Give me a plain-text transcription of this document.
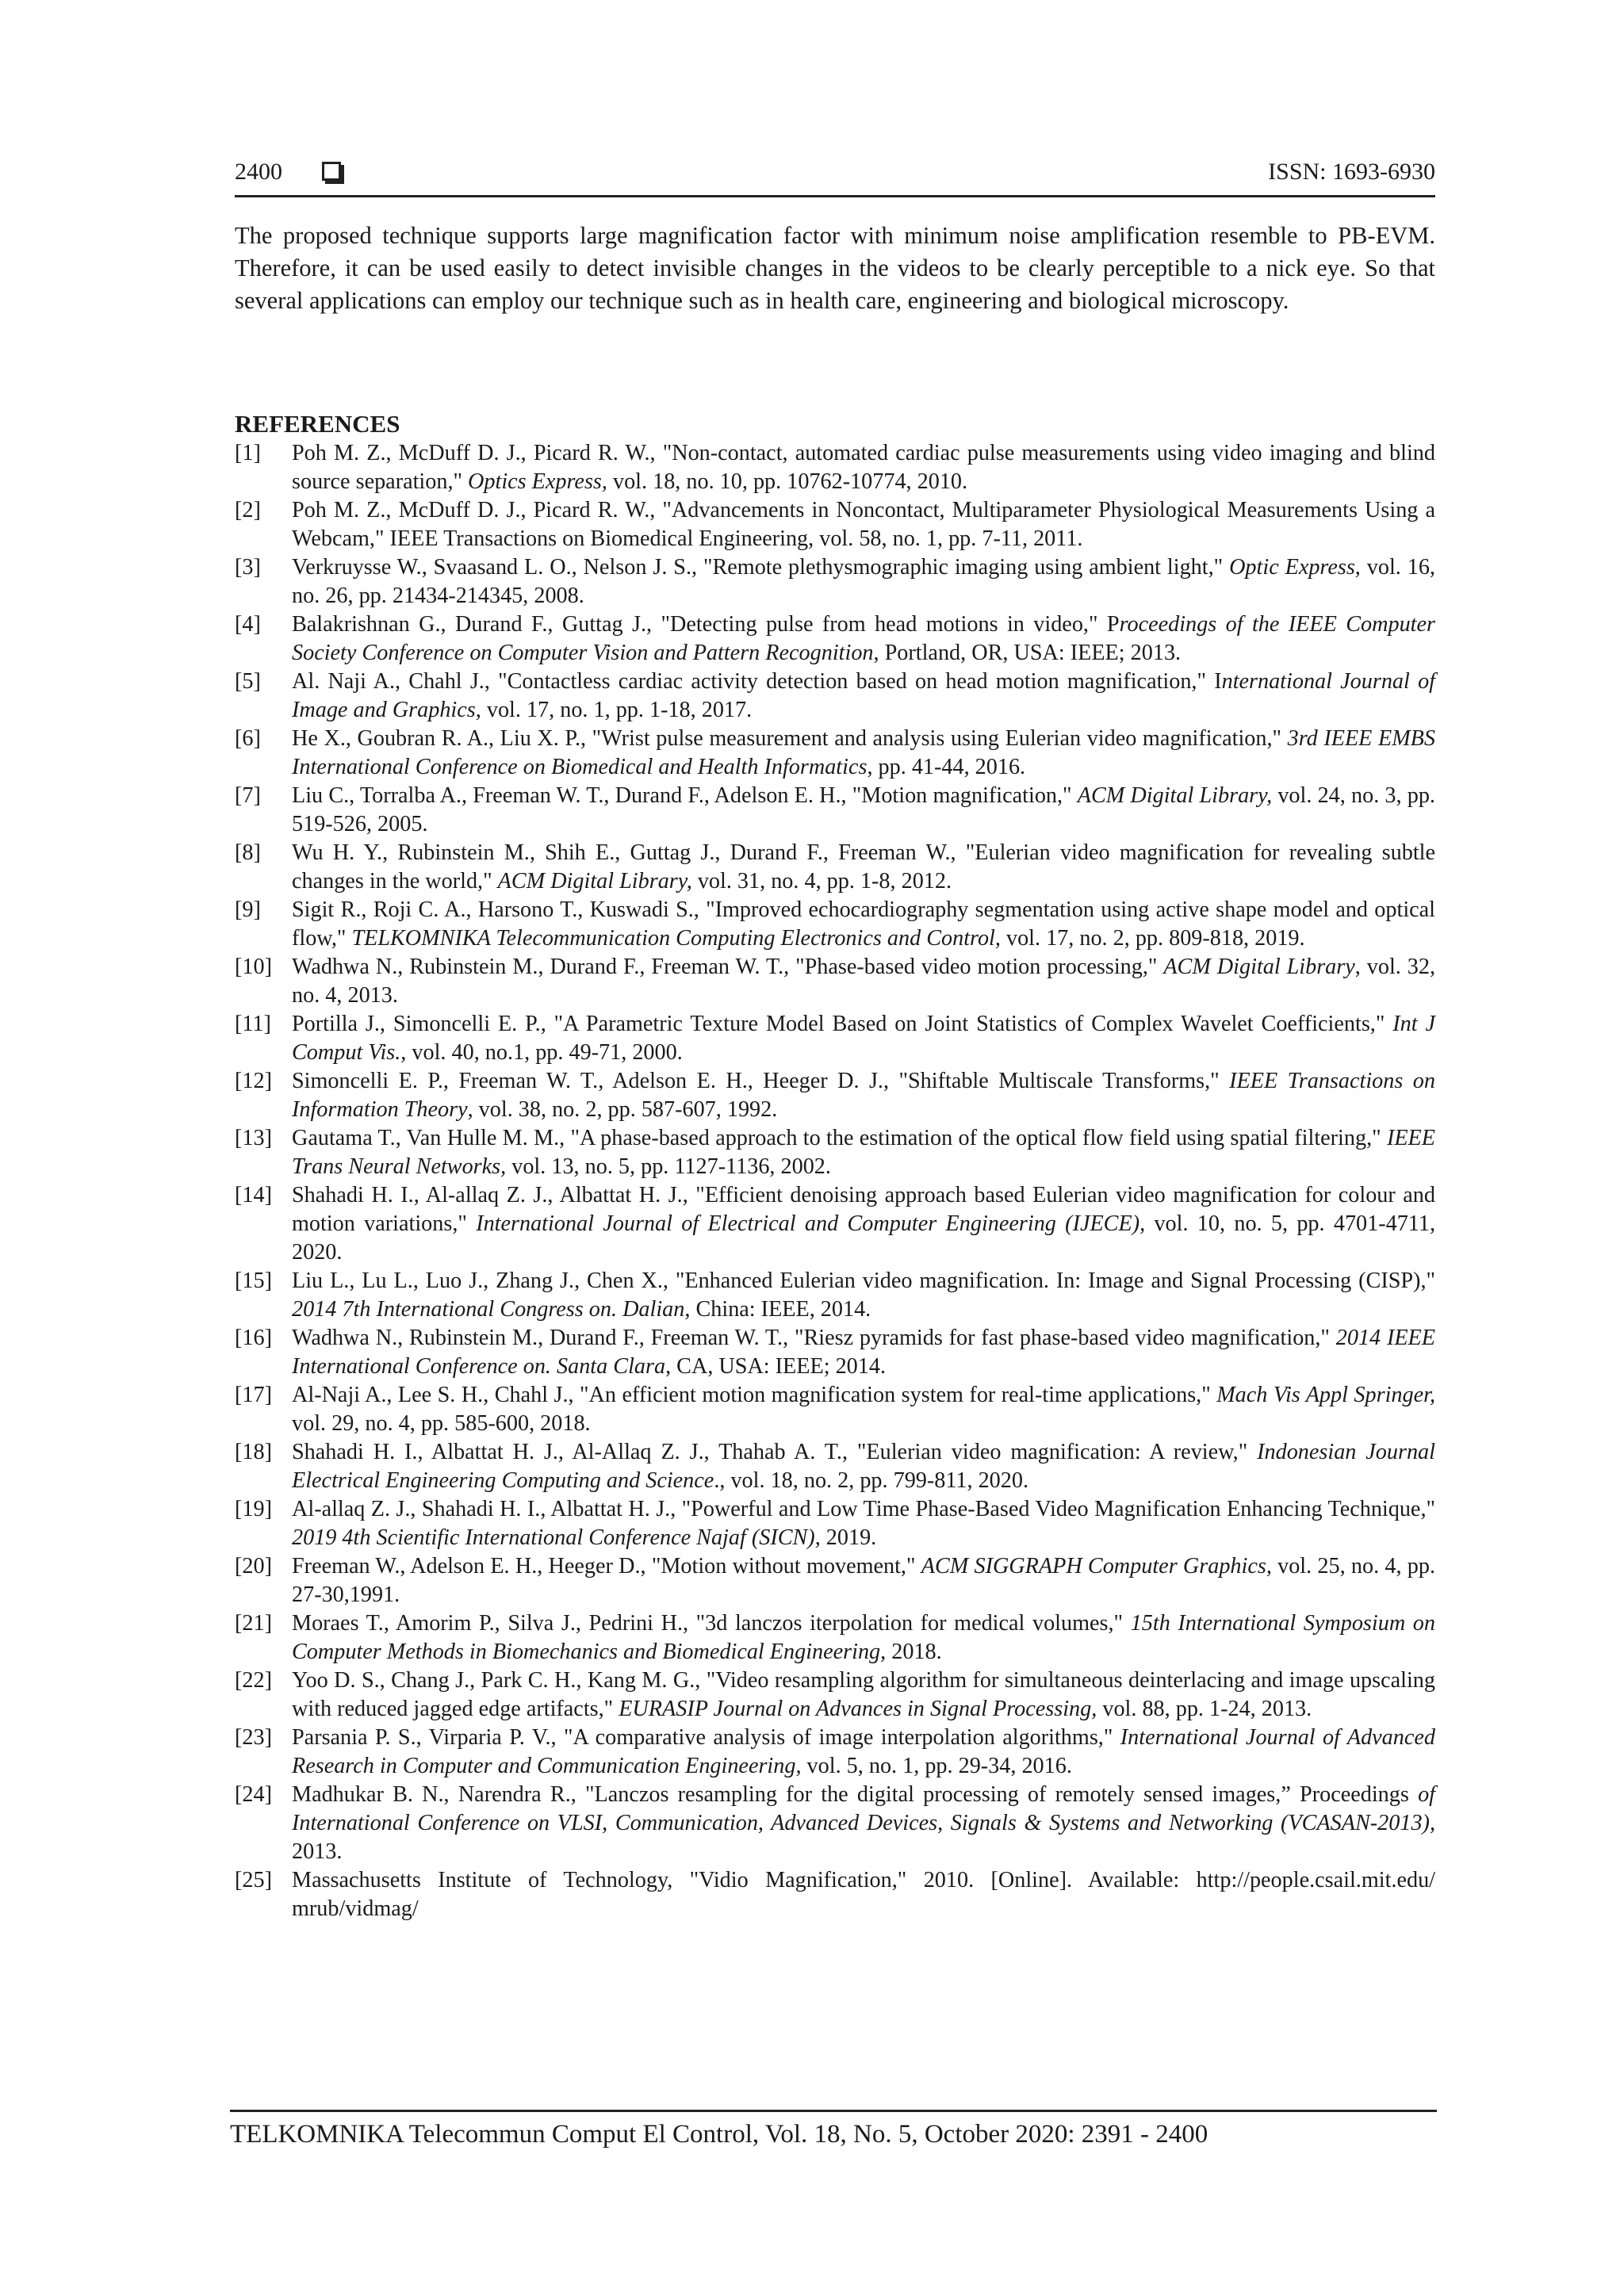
2400	ISSN: 1693-6930
The proposed technique supports large magnification factor with minimum noise amplification resemble to PB-EVM. Therefore, it can be used easily to detect invisible changes in the videos to be clearly perceptible to a nick eye. So that several applications can employ our technique such as in health care, engineering and biological microscopy.
REFERENCES
[1] Poh M. Z., McDuff D. J., Picard R. W., "Non-contact, automated cardiac pulse measurements using video imaging and blind source separation," Optics Express, vol. 18, no. 10, pp. 10762-10774, 2010.
[2] Poh M. Z., McDuff D. J., Picard R. W., "Advancements in Noncontact, Multiparameter Physiological Measurements Using a Webcam," IEEE Transactions on Biomedical Engineering, vol. 58, no. 1, pp. 7-11, 2011.
[3] Verkruysse W., Svaasand L. O., Nelson J. S., "Remote plethysmographic imaging using ambient light," Optic Express, vol. 16, no. 26, pp. 21434-214345, 2008.
[4] Balakrishnan G., Durand F., Guttag J., "Detecting pulse from head motions in video," Proceedings of the IEEE Computer Society Conference on Computer Vision and Pattern Recognition, Portland, OR, USA: IEEE; 2013.
[5] Al. Naji A., Chahl J., "Contactless cardiac activity detection based on head motion magnification," International Journal of Image and Graphics, vol. 17, no. 1, pp. 1-18, 2017.
[6] He X., Goubran R. A., Liu X. P., "Wrist pulse measurement and analysis using Eulerian video magnification," 3rd IEEE EMBS International Conference on Biomedical and Health Informatics, pp. 41-44, 2016.
[7] Liu C., Torralba A., Freeman W. T., Durand F., Adelson E. H., "Motion magnification," ACM Digital Library, vol. 24, no. 3, pp. 519-526, 2005.
[8] Wu H. Y., Rubinstein M., Shih E., Guttag J., Durand F., Freeman W., "Eulerian video magnification for revealing subtle changes in the world," ACM Digital Library, vol. 31, no. 4, pp. 1-8, 2012.
[9] Sigit R., Roji C. A., Harsono T., Kuswadi S., "Improved echocardiography segmentation using active shape model and optical flow," TELKOMNIKA Telecommunication Computing Electronics and Control, vol. 17, no. 2, pp. 809-818, 2019.
[10] Wadhwa N., Rubinstein M., Durand F., Freeman W. T., "Phase-based video motion processing," ACM Digital Library, vol. 32, no. 4, 2013.
[11] Portilla J., Simoncelli E. P., "A Parametric Texture Model Based on Joint Statistics of Complex Wavelet Coefficients," Int J Comput Vis., vol. 40, no.1, pp. 49-71, 2000.
[12] Simoncelli E. P., Freeman W. T., Adelson E. H., Heeger D. J., "Shiftable Multiscale Transforms," IEEE Transactions on Information Theory, vol. 38, no. 2, pp. 587-607, 1992.
[13] Gautama T., Van Hulle M. M., "A phase-based approach to the estimation of the optical flow field using spatial filtering," IEEE Trans Neural Networks, vol. 13, no. 5, pp. 1127-1136, 2002.
[14] Shahadi H. I., Al-allaq Z. J., Albattat H. J., "Efficient denoising approach based Eulerian video magnification for colour and motion variations," International Journal of Electrical and Computer Engineering (IJECE), vol. 10, no. 5, pp. 4701-4711, 2020.
[15] Liu L., Lu L., Luo J., Zhang J., Chen X., "Enhanced Eulerian video magnification. In: Image and Signal Processing (CISP)," 2014 7th International Congress on. Dalian, China: IEEE, 2014.
[16] Wadhwa N., Rubinstein M., Durand F., Freeman W. T., "Riesz pyramids for fast phase-based video magnification," 2014 IEEE International Conference on. Santa Clara, CA, USA: IEEE; 2014.
[17] Al-Naji A., Lee S. H., Chahl J., "An efficient motion magnification system for real-time applications," Mach Vis Appl Springer, vol. 29, no. 4, pp. 585-600, 2018.
[18] Shahadi H. I., Albattat H. J., Al-Allaq Z. J., Thahab A. T., "Eulerian video magnification: A review," Indonesian Journal Electrical Engineering Computing and Science., vol. 18, no. 2, pp. 799-811, 2020.
[19] Al-allaq Z. J., Shahadi H. I., Albattat H. J., "Powerful and Low Time Phase-Based Video Magnification Enhancing Technique," 2019 4th Scientific International Conference Najaf (SICN), 2019.
[20] Freeman W., Adelson E. H., Heeger D., "Motion without movement," ACM SIGGRAPH Computer Graphics, vol. 25, no. 4, pp. 27-30,1991.
[21] Moraes T., Amorim P., Silva J., Pedrini H., "3d lanczos iterpolation for medical volumes," 15th International Symposium on Computer Methods in Biomechanics and Biomedical Engineering, 2018.
[22] Yoo D. S., Chang J., Park C. H., Kang M. G., "Video resampling algorithm for simultaneous deinterlacing and image upscaling with reduced jagged edge artifacts," EURASIP Journal on Advances in Signal Processing, vol. 88, pp. 1-24, 2013.
[23] Parsania P. S., Virparia P. V., "A comparative analysis of image interpolation algorithms," International Journal of Advanced Research in Computer and Communication Engineering, vol. 5, no. 1, pp. 29-34, 2016.
[24] Madhukar B. N., Narendra R., "Lanczos resampling for the digital processing of remotely sensed images,” Proceedings of International Conference on VLSI, Communication, Advanced Devices, Signals & Systems and Networking (VCASAN-2013), 2013.
[25] Massachusetts Institute of Technology, "Vidio Magnification," 2010. [Online]. Available: http://people.csail.mit.edu/ mrub/vidmag/
TELKOMNIKA Telecommun Comput El Control, Vol. 18, No. 5, October 2020: 2391 - 2400
